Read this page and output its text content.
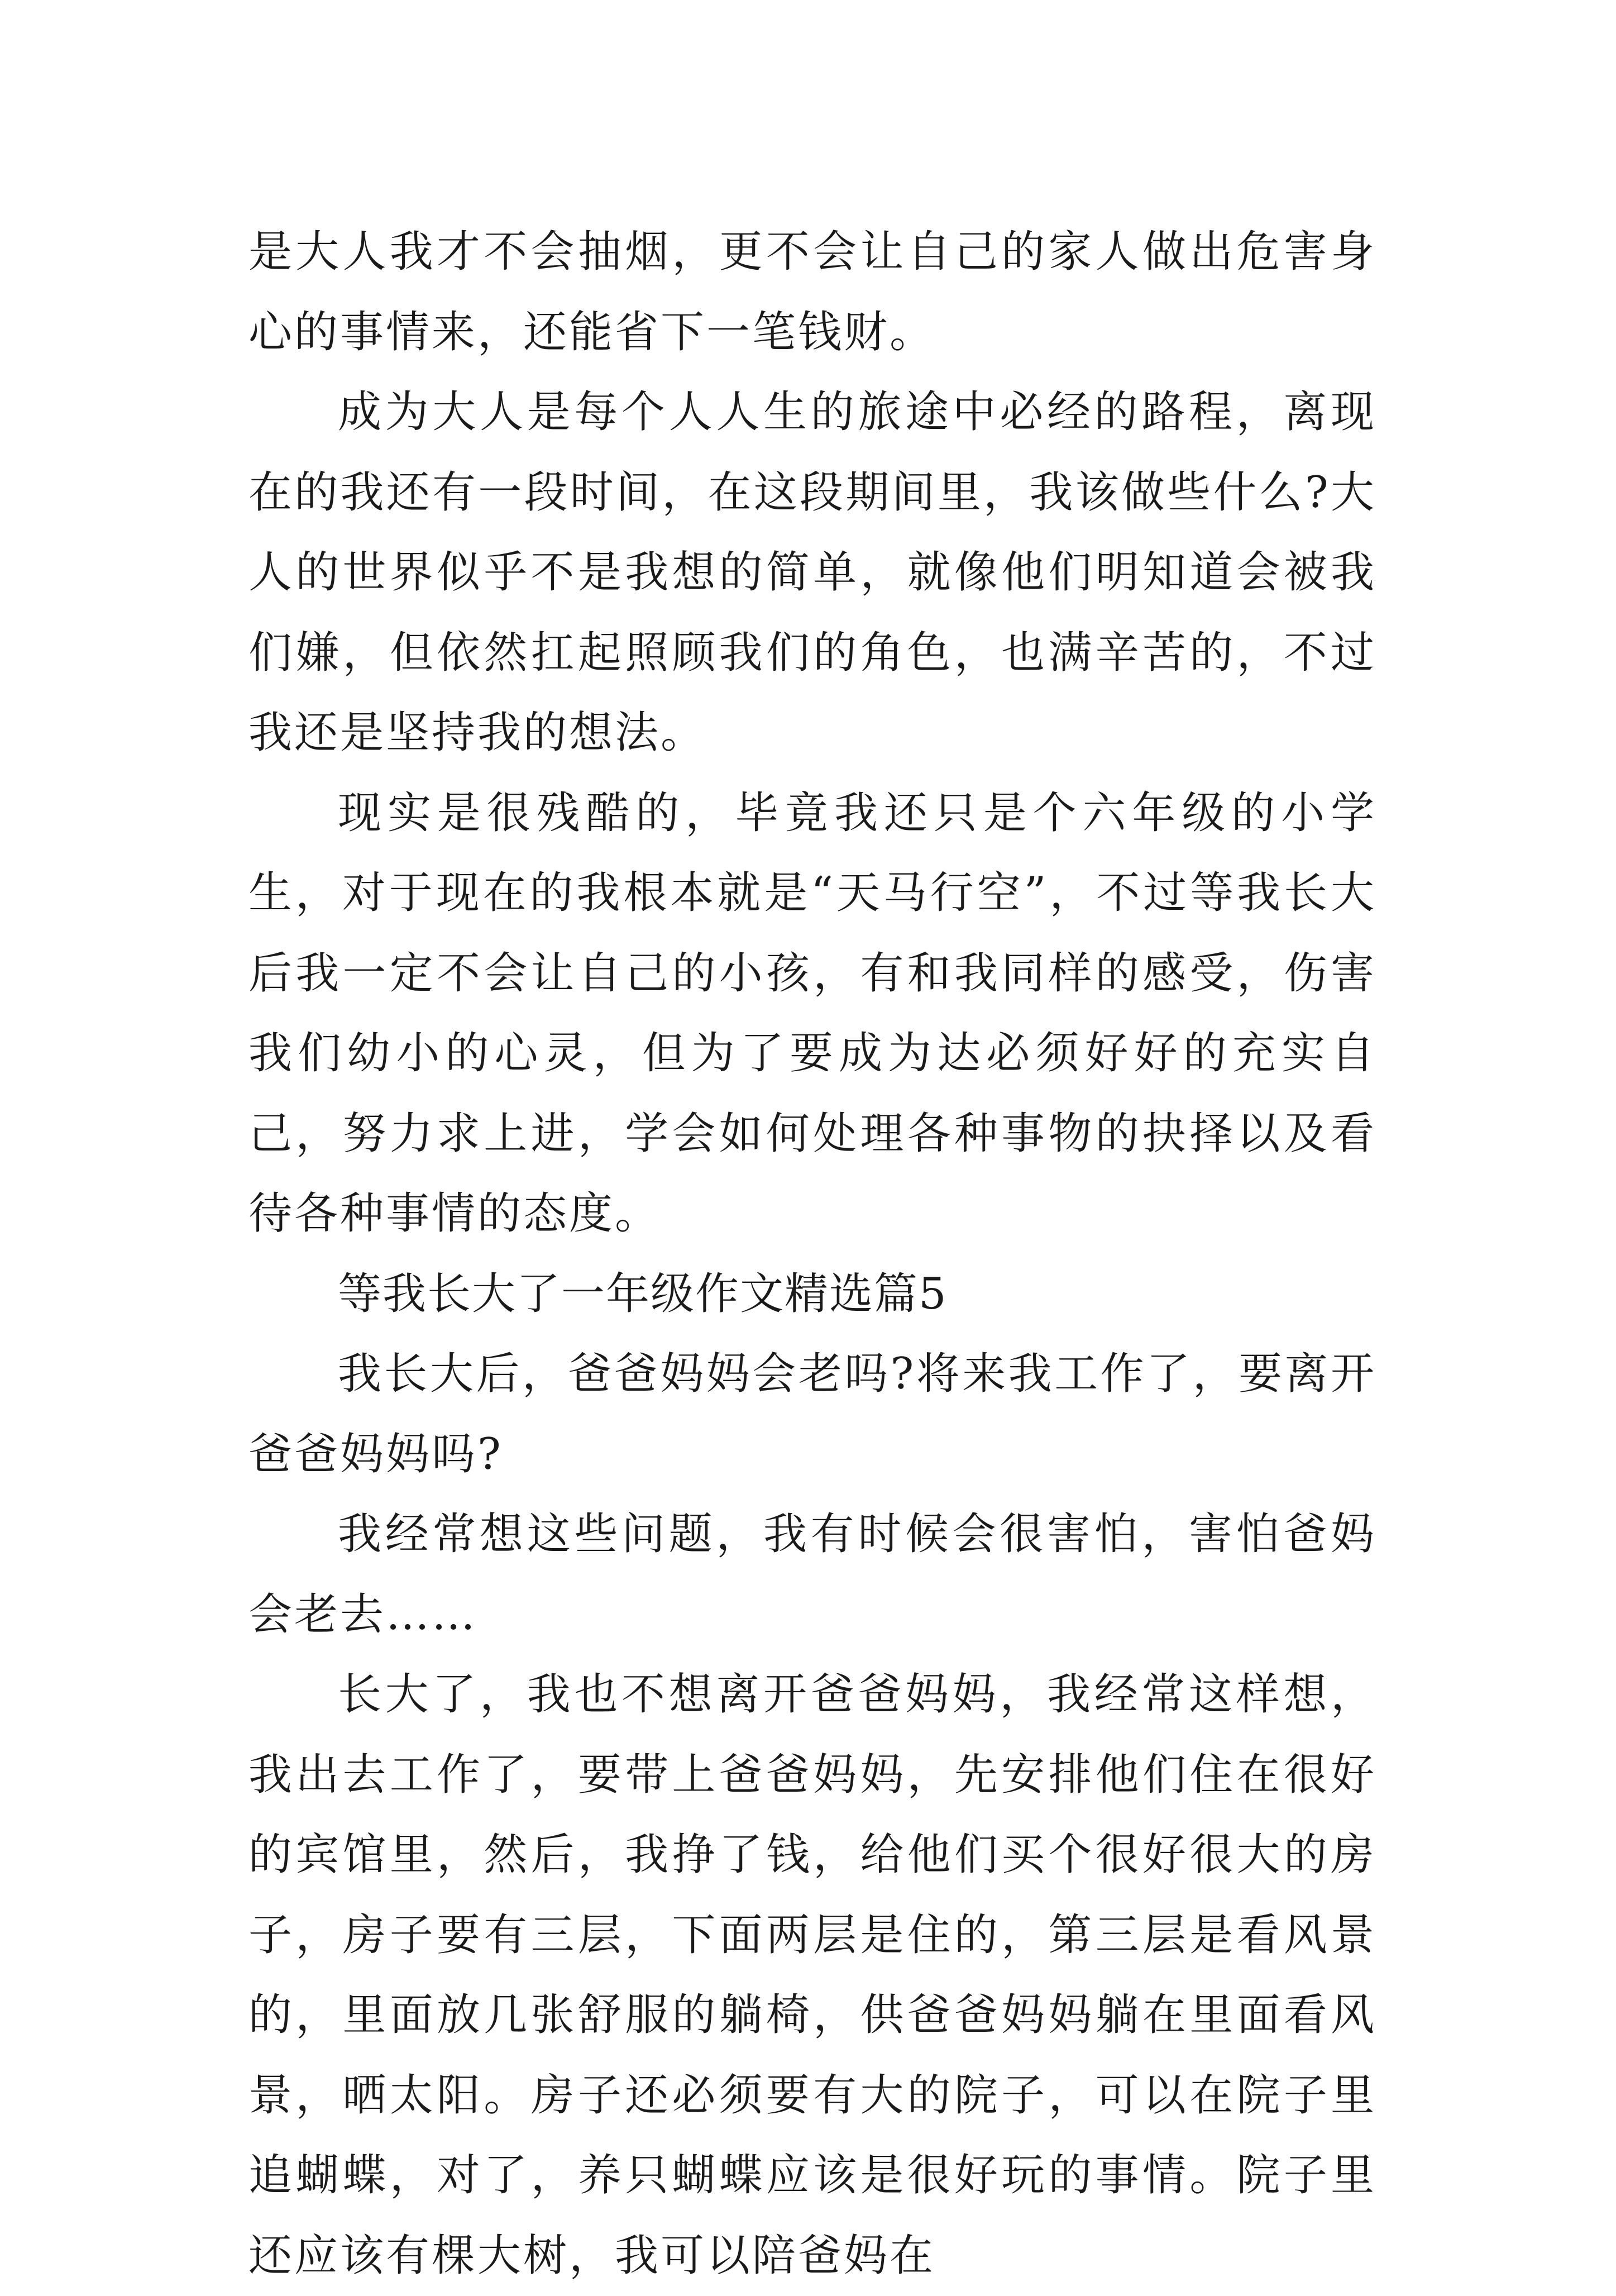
是大人我才不会抽烟，更不会让自己的家人做出危害身心的事情来，还能省下一笔钱财。

成为大人是每个人人生的旅途中必经的路程，离现在的我还有一段时间，在这段期间里，我该做些什么?大人的世界似乎不是我想的简单，就像他们明知道会被我们嫌，但依然扛起照顾我们的角色，也满辛苦的，不过我还是坚持我的想法。

现实是很残酷的，毕竟我还只是个六年级的小学生，对于现在的我根本就是“天马行空”，不过等我长大后我一定不会让自己的小孩，有和我同样的感受，伤害我们幼小的心灵，但为了要成为达必须好好的充实自己，努力求上进，学会如何处理各种事物的抉择以及看待各种事情的态度。

等我长大了一年级作文精选篇5

我长大后，爸爸妈妈会老吗?将来我工作了，要离开爸爸妈妈吗?

我经常想这些问题，我有时候会很害怕，害怕爸妈会老去……

长大了，我也不想离开爸爸妈妈，我经常这样想，我出去工作了，要带上爸爸妈妈，先安排他们住在很好的宾馆里，然后，我挣了钱，给他们买个很好很大的房子，房子要有三层，下面两层是住的，第三层是看风景的，里面放几张舒服的躺椅，供爸爸妈妈躺在里面看风景，晒太阳。房子还必须要有大的院子，可以在院子里追蝴蝶，对了，养只蝴蝶应该是很好玩的事情。院子里还应该有棵大树，我可以陪爸妈在
